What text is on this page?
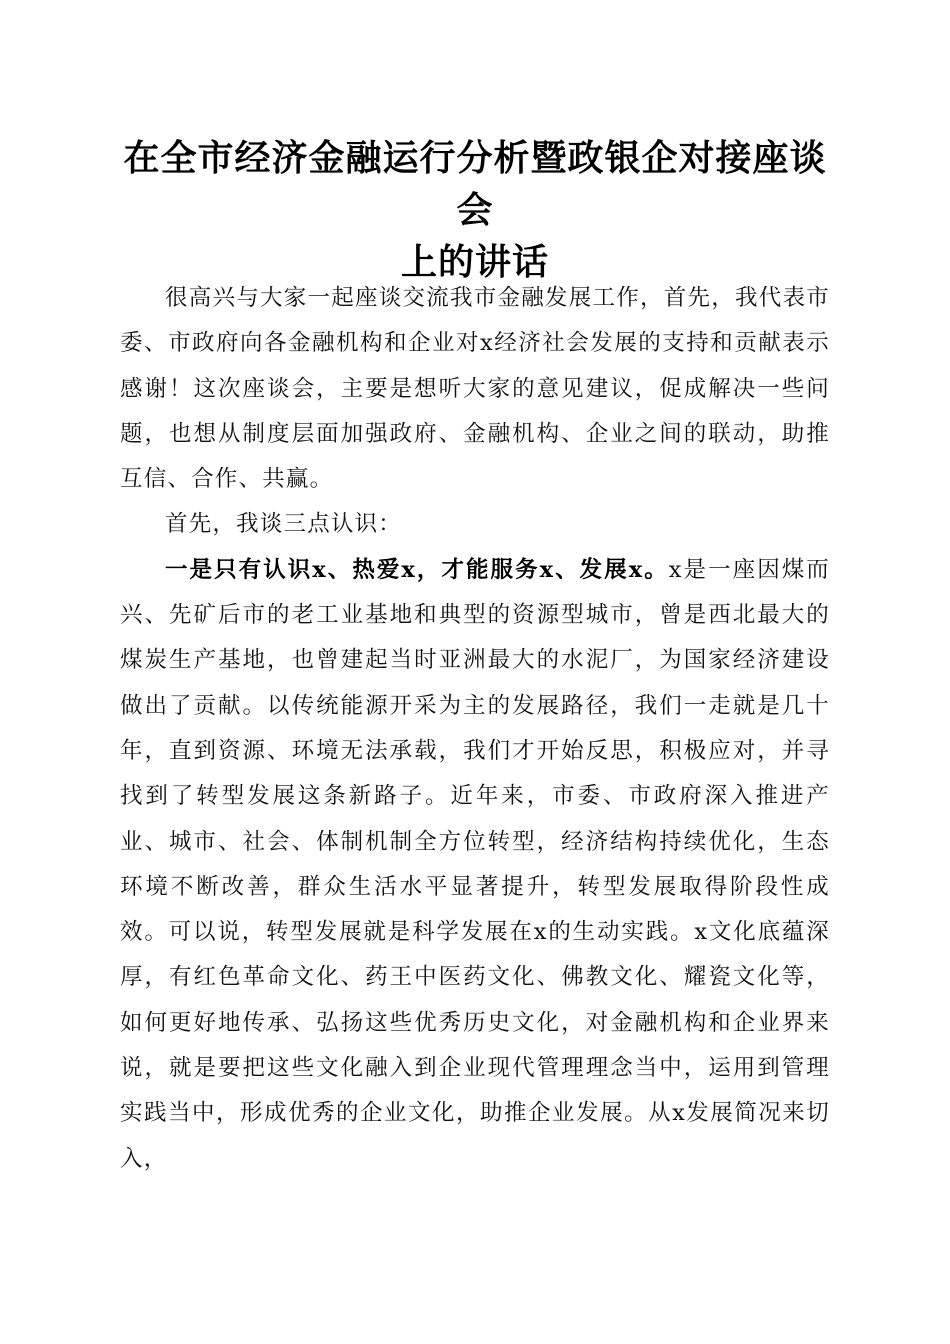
在全市经济金融运行分析暨政银企对接座谈会
上的讲话

很高兴与大家一起座谈交流我市金融发展工作，首先，我代表市委、市政府向各金融机构和企业对x经济社会发展的支持和贡献表示感谢！这次座谈会，主要是想听大家的意见建议，促成解决一些问题，也想从制度层面加强政府、金融机构、企业之间的联动，助推互信、合作、共赢。

首先，我谈三点认识：

一是只有认识x、热爱x，才能服务x、发展x。x是一座因煤而兴、先矿后市的老工业基地和典型的资源型城市，曾是西北最大的煤炭生产基地，也曾建起当时亚洲最大的水泥厂，为国家经济建设做出了贡献。以传统能源开采为主的发展路径，我们一走就是几十年，直到资源、环境无法承载，我们才开始反思，积极应对，并寻找到了转型发展这条新路子。近年来，市委、市政府深入推进产业、城市、社会、体制机制全方位转型，经济结构持续优化，生态环境不断改善，群众生活水平显著提升，转型发展取得阶段性成效。可以说，转型发展就是科学发展在x的生动实践。x文化底蕴深厚，有红色革命文化、药王中医药文化、佛教文化、耀瓷文化等，如何更好地传承、弘扬这些优秀历史文化，对金融机构和企业界来说，就是要把这些文化融入到企业现代管理理念当中，运用到管理实践当中，形成优秀的企业文化，助推企业发展。从x发展简况来切入，
